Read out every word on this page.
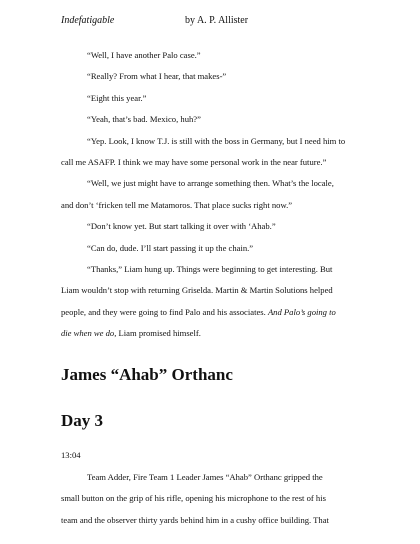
Indefatigable	by A. P. Allister

“Well, I have another Palo case.”

“Really? From what I hear, that makes-”

“Eight this year.”

“Yeah, that’s bad. Mexico, huh?”

“Yep. Look, I know T.J. is still with the boss in Germany, but I need him to
call me ASAFP. I think we may have some personal work in the near future.”

“Well, we just might have to arrange something then. What’s the locale,
and don’t ‘fricken tell me Matamoros. That place sucks right now.”

“Don’t know yet. But start talking it over with ‘Ahab.”

“Can do, dude. I’ll start passing it up the chain.”

“Thanks,” Liam hung up. Things were beginning to get interesting. But
Liam wouldn’t stop with returning Griselda. Martin & Martin Solutions helped
people, and they were going to find Palo and his associates. And Palo’s going to
die when we do, Liam promised himself.

James “Ahab” Orthanc
Day 3
13:04

Team Adder, Fire Team 1 Leader James “Ahab” Orthanc gripped the
small button on the grip of his rifle, opening his microphone to the rest of his
team and the observer thirty yards behind him in a cushy office building. That
